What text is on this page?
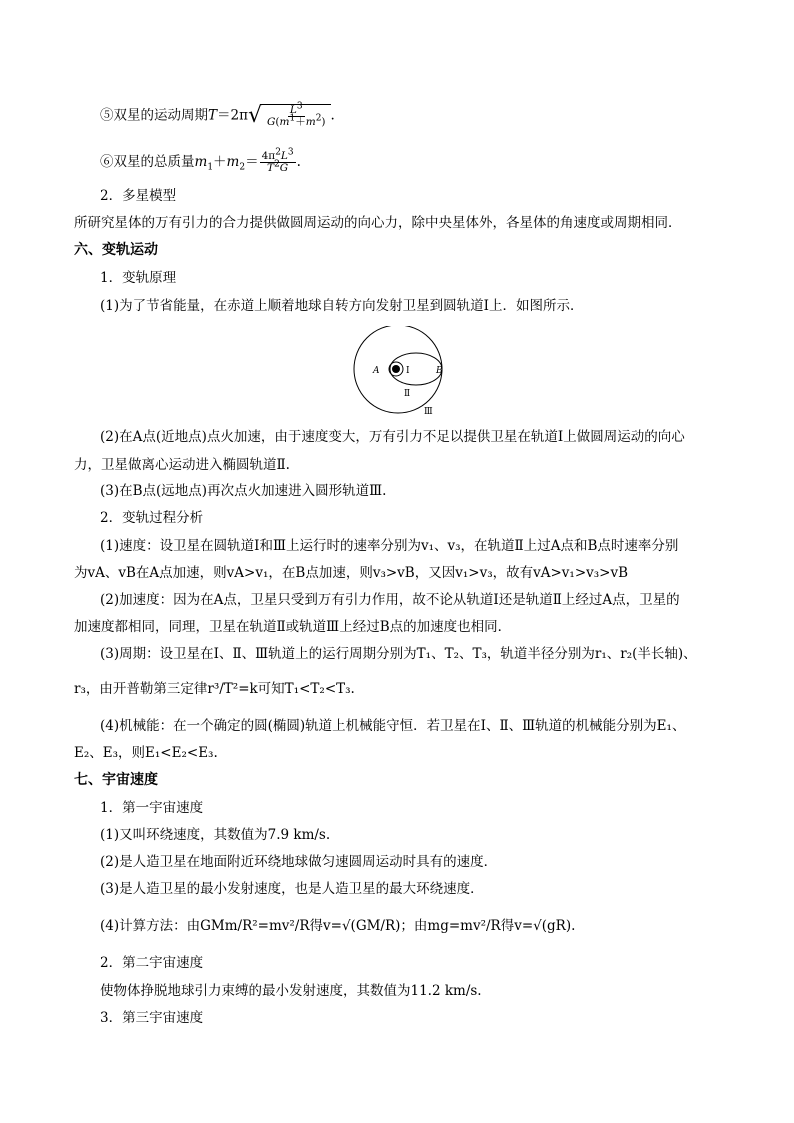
⑤双星的运动周期T＝2π √ $\frac{L^3}{G(m^1+m^2)}$ .
⑥双星的总质量$m_1+m_2= \frac{4\pi^2L^3}{T^2G}$ .
2．多星模型
所研究星体的万有引力的合力提供做圆周运动的向心力，除中央星体外，各星体的角速度或周期相同．
六、变轨运动
1．变轨原理
(1)为了节省能量，在赤道上顺着地球自转方向发射卫星到圆轨道Ⅰ上．如图所示．
A	B
Ⅰ
Ⅱ
Ⅲ
(2)在A点(近地点)点火加速，由于速度变大，万有引力不足以提供卫星在轨道Ⅰ上做圆周运动的向心
力，卫星做离心运动进入椭圆轨道Ⅱ.
(3)在B点(远地点)再次点火加速进入圆形轨道Ⅲ.
2．变轨过程分析
(1)速度：设卫星在圆轨道Ⅰ和Ⅲ上运行时的速率分别为v₁、v₃，在轨道Ⅱ上过A点和B点时速率分别
为vA、vB在A点加速，则vA>v₁，在B点加速，则v₃>vB，又因v₁>v₃，故有vA>v₁>v₃>vB
(2)加速度：因为在A点，卫星只受到万有引力作用，故不论从轨道Ⅰ还是轨道Ⅱ上经过A点，卫星的
加速度都相同，同理，卫星在轨道Ⅱ或轨道Ⅲ上经过B点的加速度也相同．
(3)周期：设卫星在Ⅰ、Ⅱ、Ⅲ轨道上的运行周期分别为T₁、T₂、T₃，轨道半径分别为r₁、r₂(半长轴)、
r₃，由开普勒第三定律r³/T²=k可知T₁<T₂<T₃.
(4)机械能：在一个确定的圆(椭圆)轨道上机械能守恒．若卫星在Ⅰ、Ⅱ、Ⅲ轨道的机械能分别为E₁、
E₂、E₃，则E₁<E₂<E₃.
七、宇宙速度
1．第一宇宙速度
(1)又叫环绕速度，其数值为7.9 km/s.
(2)是人造卫星在地面附近环绕地球做匀速圆周运动时具有的速度．
(3)是人造卫星的最小发射速度，也是人造卫星的最大环绕速度．
(4)计算方法：由GMm/R²=mv²/R得v=√(GM/R)；由mg=mv²/R得v=√(gR).
2．第二宇宙速度
使物体挣脱地球引力束缚的最小发射速度，其数值为11.2 km/s.
3．第三宇宙速度
